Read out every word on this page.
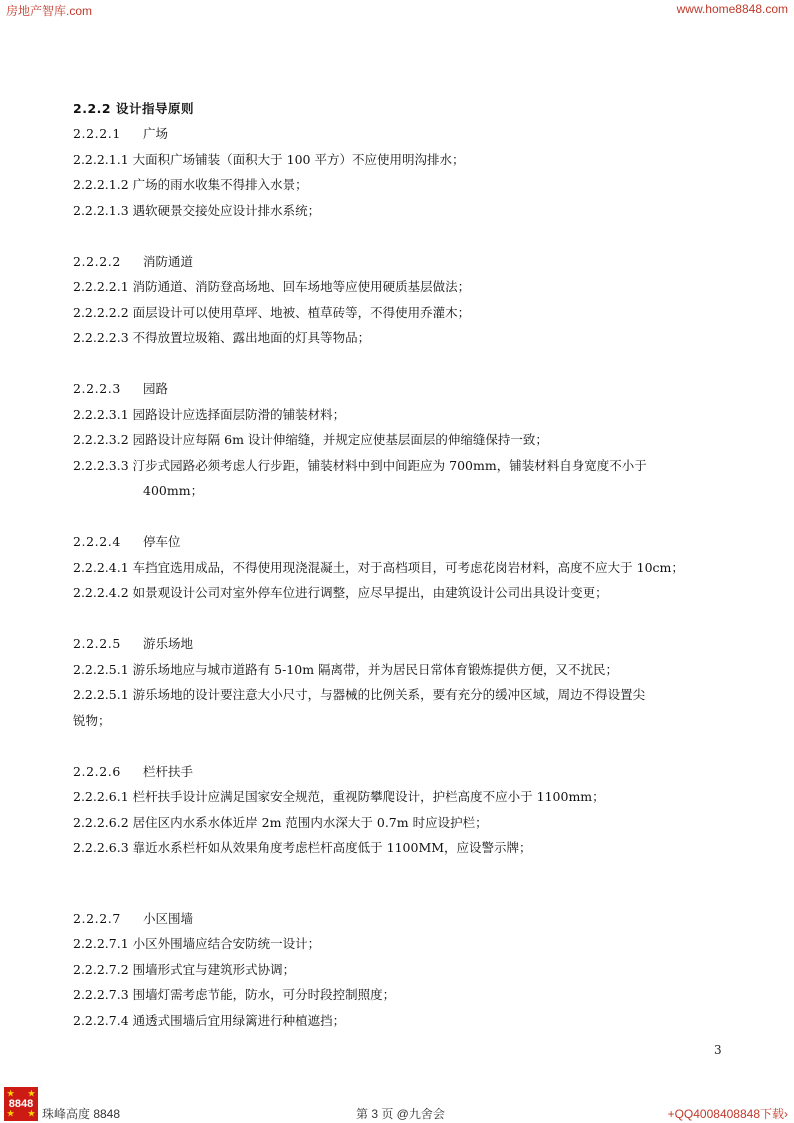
房地产智库.com	www.home8848.com
2.2.2 设计指导原则
2.2.2.1 广场
2.2.2.1.1 大面积广场铺装（面积大于 100 平方）不应使用明沟排水；
2.2.2.1.2 广场的雨水收集不得排入水景；
2.2.2.1.3 遇软硬景交接处应设计排水系统；
2.2.2.2 消防通道
2.2.2.2.1 消防通道、消防登高场地、回车场地等应使用硬质基层做法；
2.2.2.2.2 面层设计可以使用草坪、地被、植草砖等，不得使用乔灌木；
2.2.2.2.3 不得放置垃圾箱、露出地面的灯具等物品；
2.2.2.3 园路
2.2.2.3.1 园路设计应选择面层防滑的铺装材料；
2.2.2.3.2 园路设计应每隔 6m 设计伸缩缝，并规定应使基层面层的伸缩缝保持一致；
2.2.2.3.3 汀步式园路必须考虑人行步距，铺装材料中到中间距应为 700mm，铺装材料自身宽度不小于
400mm；
2.2.2.4 停车位
2.2.2.4.1 车挡宜选用成品，不得使用现浇混凝土，对于高档项目，可考虑花岗岩材料，高度不应大于 10cm；
2.2.2.4.2 如景观设计公司对室外停车位进行调整，应尽早提出，由建筑设计公司出具设计变更；
2.2.2.5 游乐场地
2.2.2.5.1 游乐场地应与城市道路有 5-10m 隔离带，并为居民日常体育锻炼提供方便，又不扰民；
2.2.2.5.1 游乐场地的设计要注意大小尺寸，与器械的比例关系，要有充分的缓冲区域，周边不得设置尖
锐物；
2.2.2.6 栏杆扶手
2.2.2.6.1 栏杆扶手设计应满足国家安全规范，重视防攀爬设计，护栏高度不应小于 1100mm；
2.2.2.6.2 居住区内水系水体近岸 2m 范围内水深大于 0.7m 时应设护栏；
2.2.2.6.3 靠近水系栏杆如从效果角度考虑栏杆高度低于 1100MM，应设警示牌；
2.2.2.7 小区围墙
2.2.2.7.1 小区外围墙应结合安防统一设计；
2.2.2.7.2 围墙形式宜与建筑形式协调；
2.2.2.7.3 围墙灯需考虑节能，防水，可分时段控制照度；
2.2.2.7.4 通透式围墙后宜用绿篱进行种植遮挡；
3
★ ★
★ ★
8848
珠峰高度 8848	第 3 页 @九舍会	+QQ4008408848下载›
